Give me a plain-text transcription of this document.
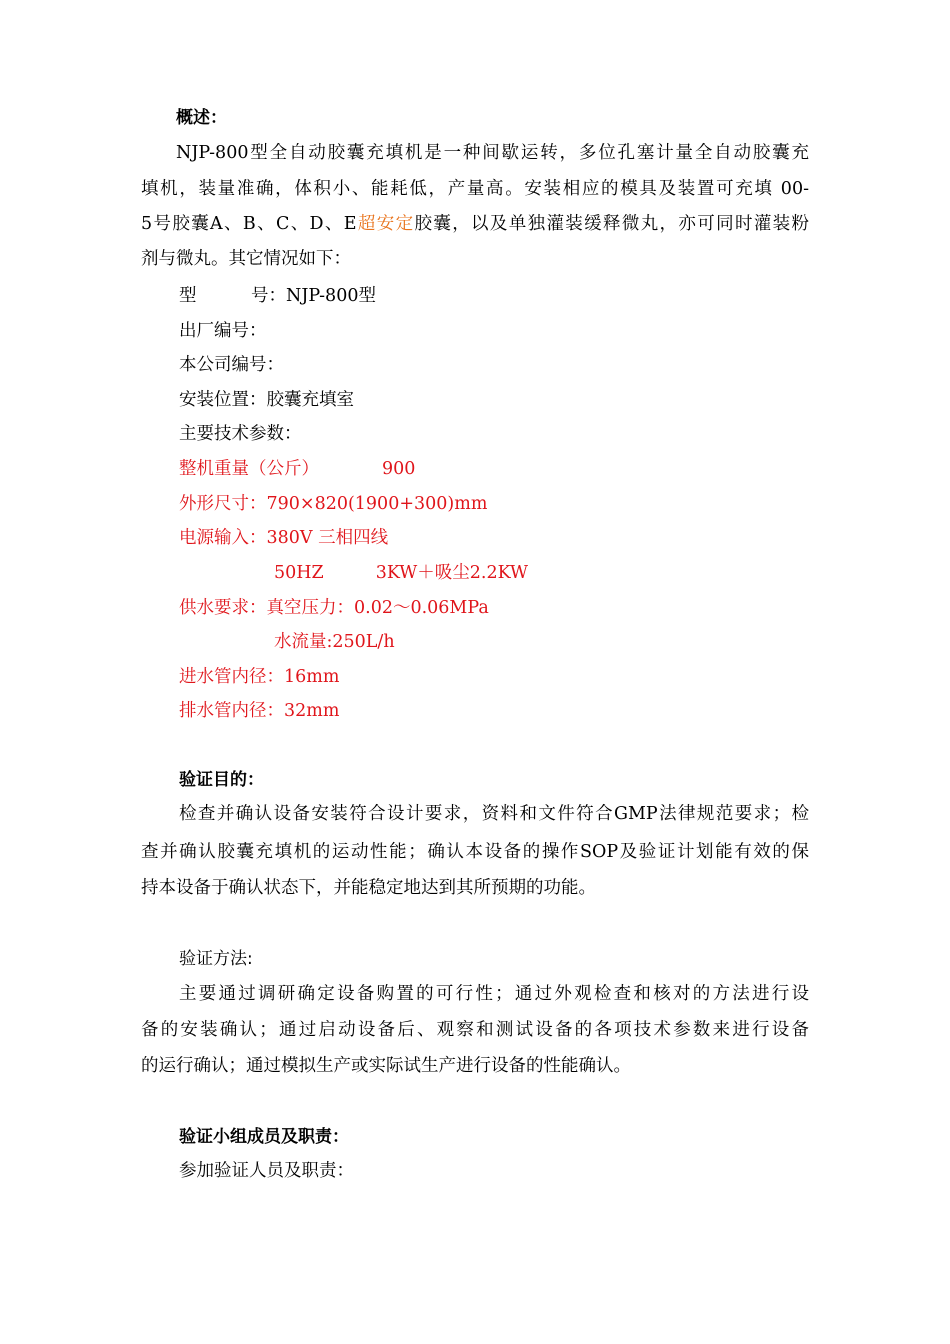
概述：
NJP-800型全自动胶囊充填机是一种间歇运转，多位孔塞计量全自动胶囊充
填机，装量准确，体积小、能耗低，产量高。安装相应的模具及装置可充填 00-
5号胶囊A、B、C、D、E超安定胶囊，以及单独灌装缓释微丸，亦可同时灌装粉
剂与微丸。其它情况如下：
型	号：NJP-800型
出厂编号：
本公司编号：
安装位置：胶囊充填室
主要技术参数：
整机重量（公斤）	900
外形尺寸：790×820(1900+300)mm
电源输入：380V 三相四线
50HZ	3KW＋吸尘2.2KW
供水要求：真空压力：0.02～0.06MPa
水流量:250L/h
进水管内径：16mm
排水管内径：32mm
验证目的：
检查并确认设备安装符合设计要求，资料和文件符合GMP法律规范要求；检
查并确认胶囊充填机的运动性能；确认本设备的操作SOP及验证计划能有效的保
持本设备于确认状态下，并能稳定地达到其所预期的功能。
验证方法:
主要通过调研确定设备购置的可行性；通过外观检查和核对的方法进行设
备的安装确认；通过启动设备后、观察和测试设备的各项技术参数来进行设备
的运行确认；通过模拟生产或实际试生产进行设备的性能确认。
验证小组成员及职责：
参加验证人员及职责：
